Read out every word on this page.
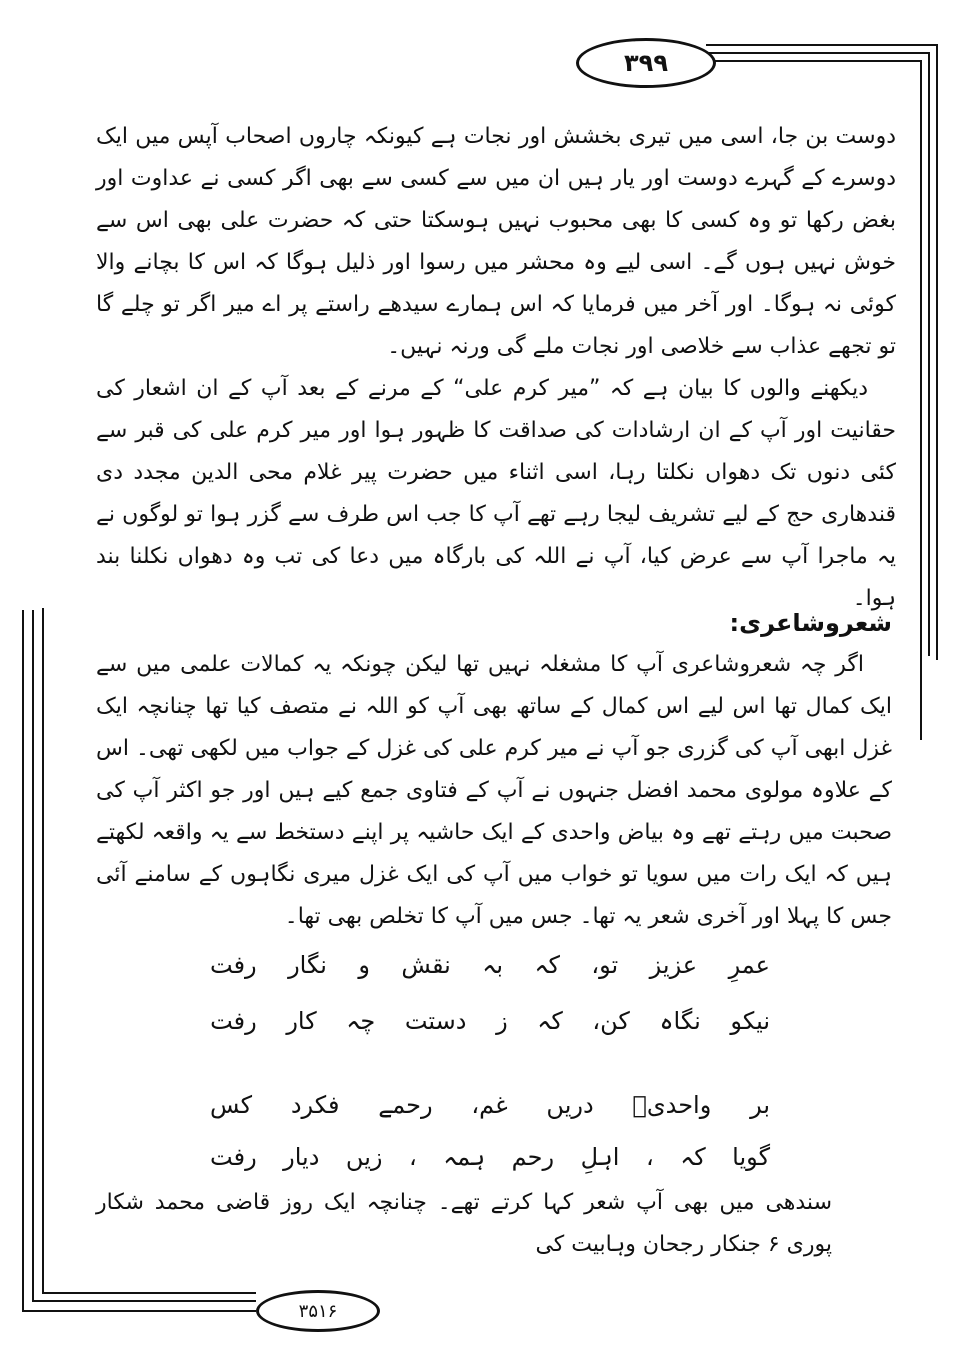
۳۹۹

دوست بن جا، اسی میں تیری بخشش اور نجات ہے کیونکہ چاروں اصحاب آپس میں ایک دوسرے کے گہرے دوست اور یار ہیں ان میں سے کسی سے بھی اگر کسی نے عداوت اور بغض رکھا تو وہ کسی کا بھی محبوب نہیں ہوسکتا حتی کہ حضرت علی بھی اس سے خوش نہیں ہوں گے۔ اسی لیے وہ محشر میں رسوا اور ذلیل ہوگا کہ اس کا بچانے والا کوئی نہ ہوگا۔ اور آخر میں فرمایا کہ اس ہمارے سیدھے راستے پر اے میر اگر تو چلے گا تو تجھے عذاب سے خلاصی اور نجات ملے گی ورنہ نہیں۔

دیکھنے والوں کا بیان ہے کہ ”میر کرم علی“ کے مرنے کے بعد آپ کے ان اشعار کی حقانیت اور آپ کے ان ارشادات کی صداقت کا ظہور ہوا اور میر کرم علی کی قبر سے کئی دنوں تک دھواں نکلتا رہا، اسی اثناء میں حضرت پیر غلام محی الدین مجدد دی قندھاری حج کے لیے تشریف لیجا رہے تھے آپ کا جب اس طرف سے گزر ہوا تو لوگوں نے یہ ماجرا آپ سے عرض کیا، آپ نے اللہ کی بارگاہ میں دعا کی تب وہ دھواں نکلنا بند ہوا۔

شعروشاعری:

اگر چہ شعروشاعری آپ کا مشغلہ نہیں تھا لیکن چونکہ یہ کمالات علمی میں سے ایک کمال تھا اس لیے اس کمال کے ساتھ بھی آپ کو اللہ نے متصف کیا تھا چنانچہ ایک غزل ابھی آپ کی گزری جو آپ نے میر کرم علی کی غزل کے جواب میں لکھی تھی۔ اس کے علاوہ مولوی محمد افضل جنہوں نے آپ کے فتاوی جمع کیے ہیں اور جو اکثر آپ کی صحبت میں رہتے تھے وہ بیاض واحدی کے ایک حاشیہ پر اپنے دستخط سے یہ واقعہ لکھتے ہیں کہ ایک رات میں سویا تو خواب میں آپ کی ایک غزل میری نگاہوں کے سامنے آئی جس کا پہلا اور آخری شعر یہ تھا۔ جس میں آپ کا تخلص بھی تھا۔

عمرِ
عزیز
تو،
کہ
بہ
نقش
و
نگار
رفت
نیکو
نگاہ
کن،
کہ
ز
دستت
چہ
کار
رفت
بر
واحدیؔ
دریں
غم،
رحمے
فکرد
کس
گویا
کہ
،
اہلِ
رحم
ہمہ
،
زیں
دیار
رفت

سندھی میں بھی آپ شعر کہا کرتے تھے۔ چنانچہ ایک روز قاضی محمد شکار پوری ۶ جنکار رجحان وہابیت کی

۳۵۱۶
